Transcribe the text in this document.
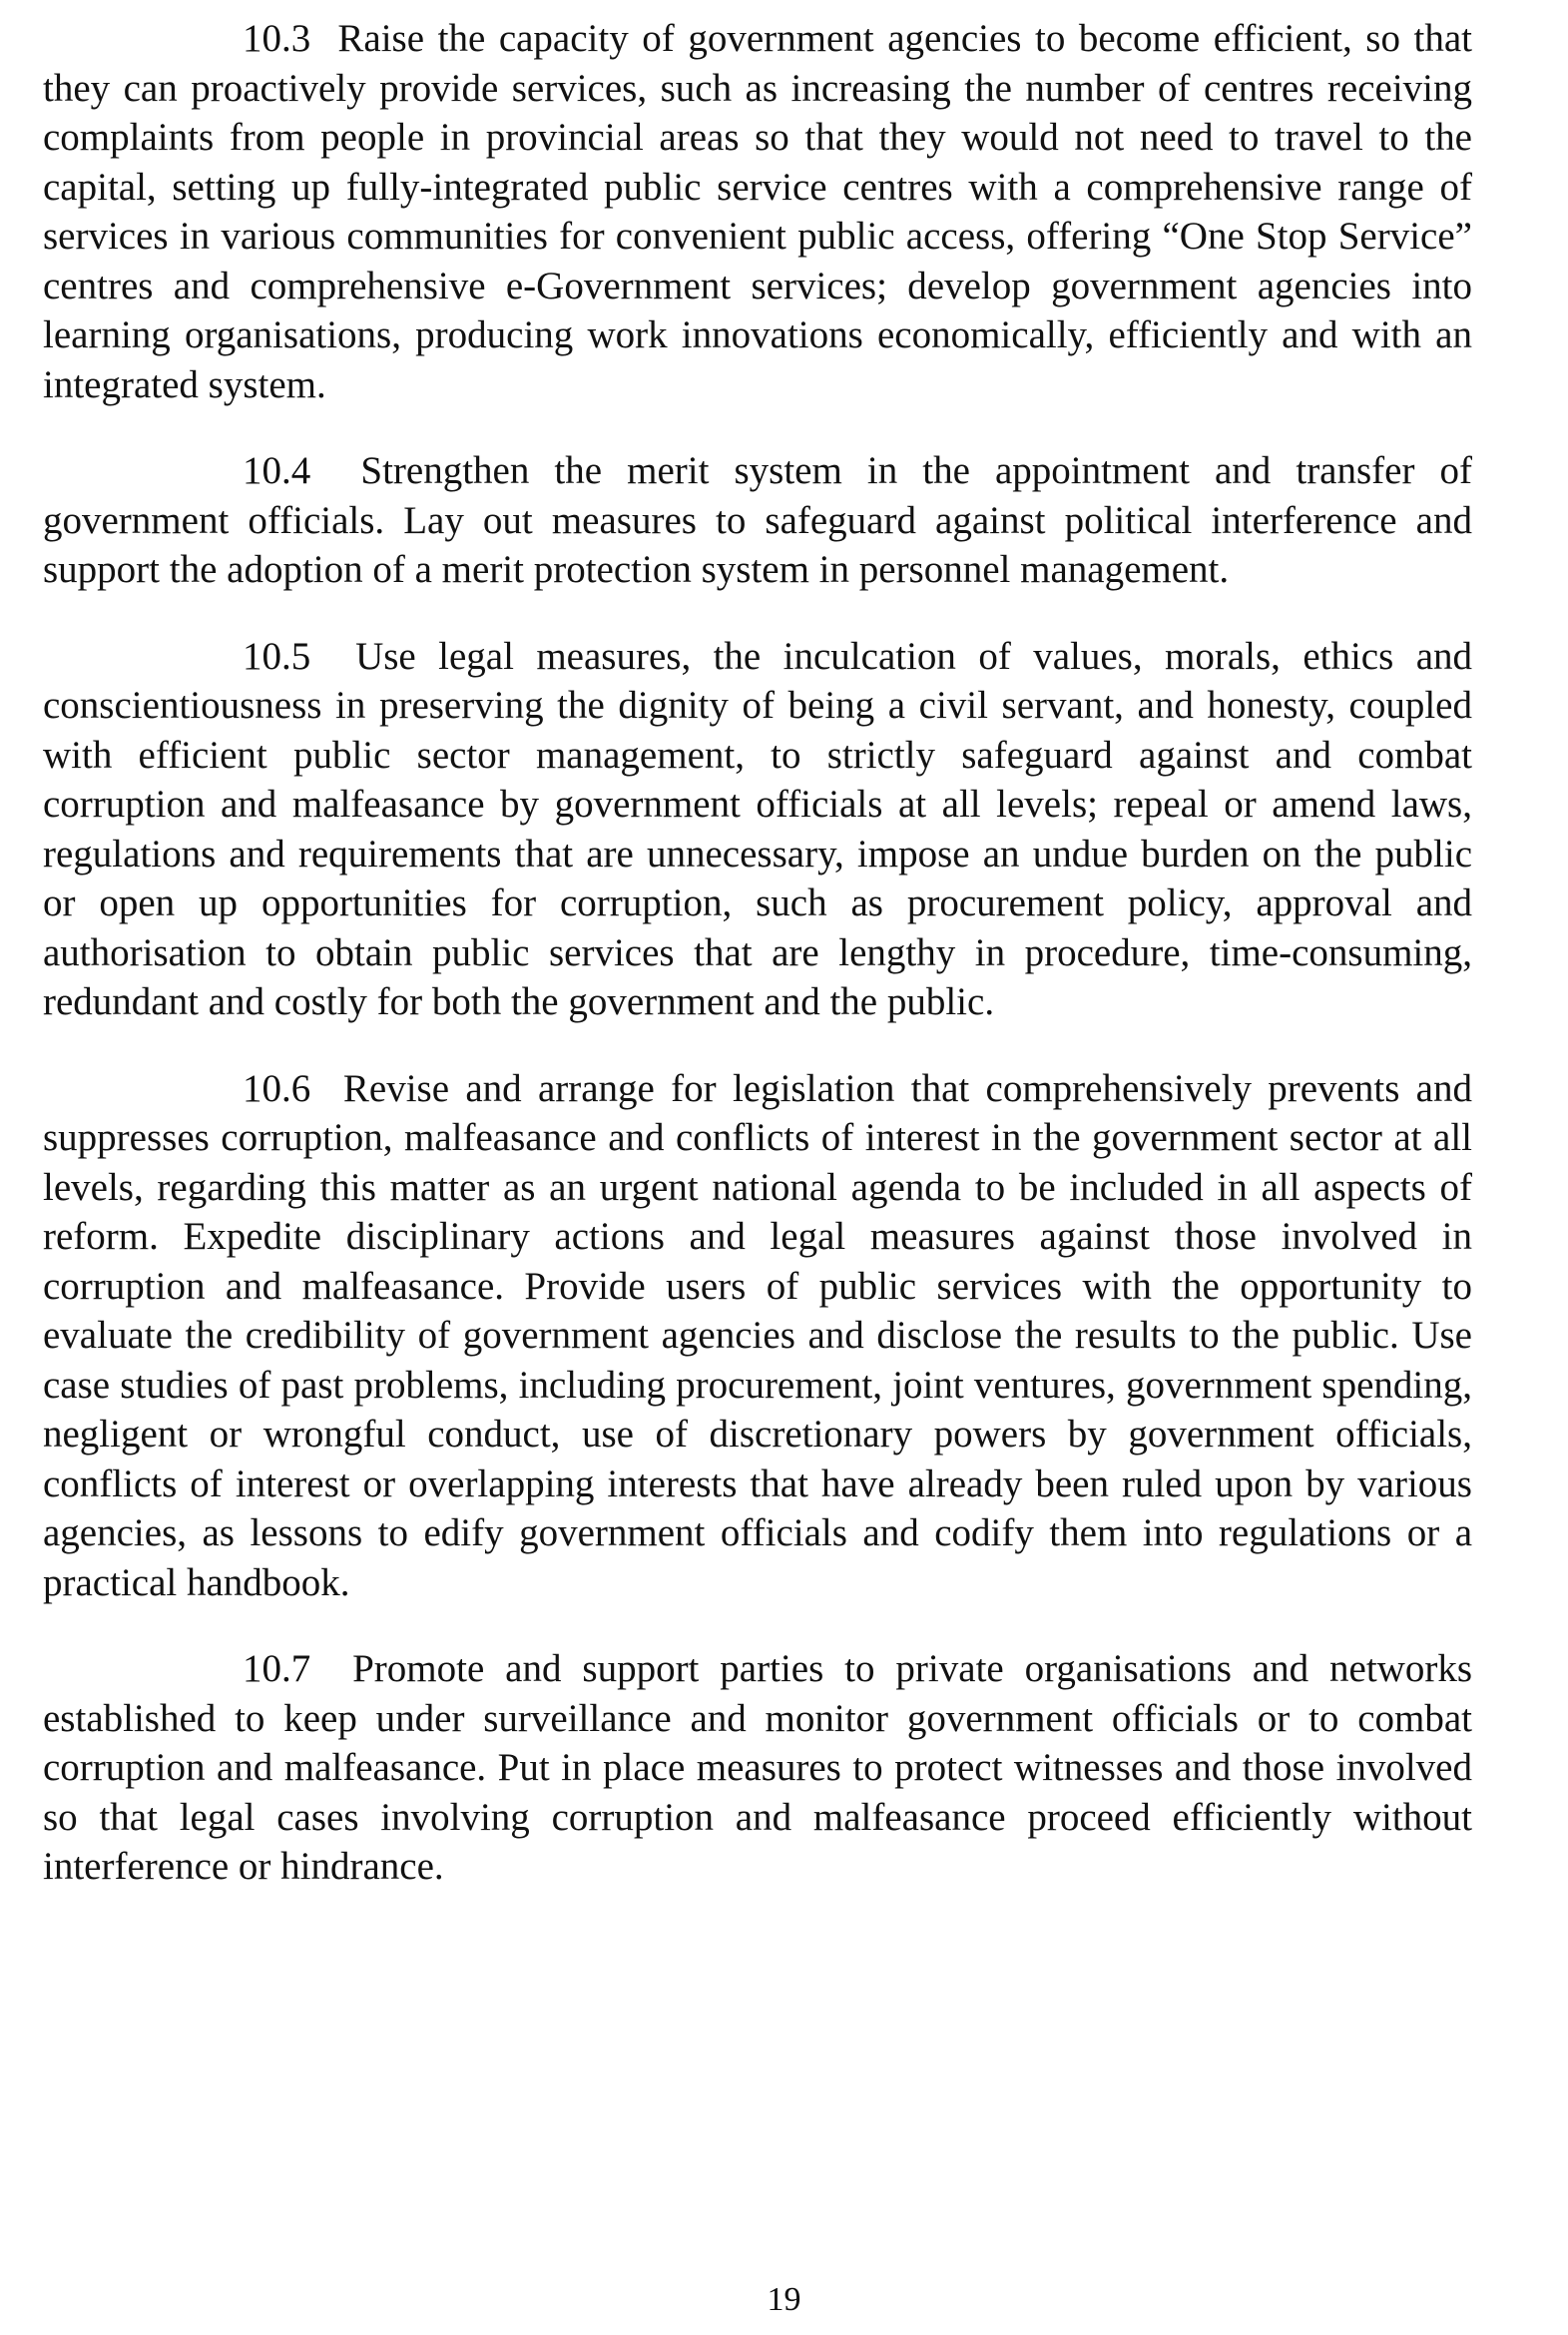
10.3 Raise the capacity of government agencies to become efficient, so that they can proactively provide services, such as increasing the number of centres receiving complaints from people in provincial areas so that they would not need to travel to the capital, setting up fully-integrated public service centres with a comprehensive range of services in various communities for convenient public access, offering “One Stop Service” centres and comprehensive e-Government services; develop government agencies into learning organisations, producing work innovations economically, efficiently and with an integrated system.

10.4 Strengthen the merit system in the appointment and transfer of government officials. Lay out measures to safeguard against political interference and support the adoption of a merit protection system in personnel management.

10.5 Use legal measures, the inculcation of values, morals, ethics and conscientiousness in preserving the dignity of being a civil servant, and honesty, coupled with efficient public sector management, to strictly safeguard against and combat corruption and malfeasance by government officials at all levels; repeal or amend laws, regulations and requirements that are unnecessary, impose an undue burden on the public or open up opportunities for corruption, such as procurement policy, approval and authorisation to obtain public services that are lengthy in procedure, time-consuming, redundant and costly for both the government and the public.

10.6 Revise and arrange for legislation that comprehensively prevents and suppresses corruption, malfeasance and conflicts of interest in the government sector at all levels, regarding this matter as an urgent national agenda to be included in all aspects of reform. Expedite disciplinary actions and legal measures against those involved in corruption and malfeasance. Provide users of public services with the opportunity to evaluate the credibility of government agencies and disclose the results to the public. Use case studies of past problems, including procurement, joint ventures, government spending, negligent or wrongful conduct, use of discretionary powers by government officials, conflicts of interest or overlapping interests that have already been ruled upon by various agencies, as lessons to edify government officials and codify them into regulations or a practical handbook.

10.7 Promote and support parties to private organisations and networks established to keep under surveillance and monitor government officials or to combat corruption and malfeasance. Put in place measures to protect witnesses and those involved so that legal cases involving corruption and malfeasance proceed efficiently without interference or hindrance.

19
